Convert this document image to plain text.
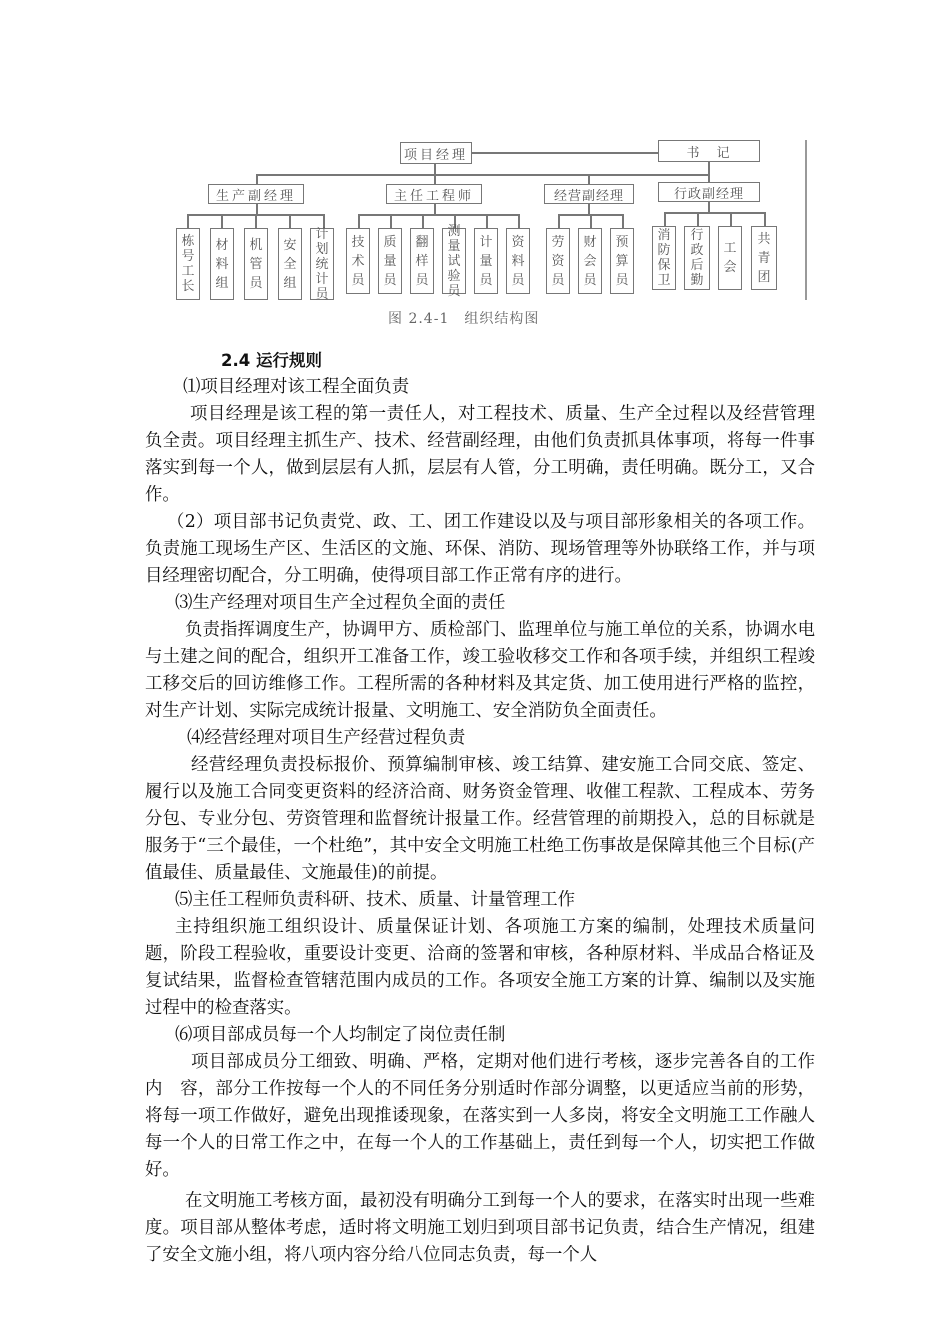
项目经理	书　记
生产副经理	主任工程师	经营副经理	行政副经理
栋
号
工
长
材
料
组
机
管
员
安
全
组
计
划
统
计
员
技
术
员
质
量
员
翻
样
员
测
量
试
验
员
计
量
员
资
料
员
劳
资
员
财
会
员
预
算
员
消
防
保
卫
行
政
后
勤
工
会
共
青
团
图 2.4-1　组织结构图

2.4 运行规则

⑴项目经理对该工程全面负责

项目经理是该工程的第一责任人，对工程技术、质量、生产全过程以及经营管理负全责。项目经理主抓生产、技术、经营副经理，由他们负责抓具体事项，将每一件事落实到每一个人，做到层层有人抓，层层有人管，分工明确，责任明确。既分工，又合作。

（2）项目部书记负责党、政、工、团工作建设以及与项目部形象相关的各项工作。负责施工现场生产区、生活区的文施、环保、消防、现场管理等外协联络工作，并与项目经理密切配合，分工明确，使得项目部工作正常有序的进行。

⑶生产经理对项目生产全过程负全面的责任

负责指挥调度生产，协调甲方、质检部门、监理单位与施工单位的关系，协调水电与土建之间的配合，组织开工准备工作，竣工验收移交工作和各项手续，并组织工程竣工移交后的回访维修工作。工程所需的各种材料及其定货、加工使用进行严格的监控，对生产计划、实际完成统计报量、文明施工、安全消防负全面责任。

⑷经营经理对项目生产经营过程负责

经营经理负责投标报价、预算编制审核、竣工结算、建安施工合同交底、签定、履行以及施工合同变更资料的经济洽商、财务资金管理、收催工程款、工程成本、劳务分包、专业分包、劳资管理和监督统计报量工作。经营管理的前期投入，总的目标就是服务于“三个最佳，一个杜绝”，其中安全文明施工杜绝工伤事故是保障其他三个目标(产值最佳、质量最佳、文施最佳)的前提。

⑸主任工程师负责科研、技术、质量、计量管理工作

主持组织施工组织设计、质量保证计划、各项施工方案的编制，处理技术质量问题，阶段工程验收，重要设计变更、洽商的签署和审核，各种原材料、半成品合格证及复试结果，监督检查管辖范围内成员的工作。各项安全施工方案的计算、编制以及实施过程中的检查落实。

⑹项目部成员每一个人均制定了岗位责任制

项目部成员分工细致、明确、严格，定期对他们进行考核，逐步完善各自的工作内　容，部分工作按每一个人的不同任务分别适时作部分调整，以更适应当前的形势，将每一项工作做好，避免出现推诿现象，在落实到一人多岗，将安全文明施工工作融人每一个人的日常工作之中，在每一个人的工作基础上，责任到每一个人，切实把工作做好。

在文明施工考核方面，最初没有明确分工到每一个人的要求，在落实时出现一些难度。项目部从整体考虑，适时将文明施工划归到项目部书记负责，结合生产情况，组建了安全文施小组，将八项内容分给八位同志负责，每一个人
